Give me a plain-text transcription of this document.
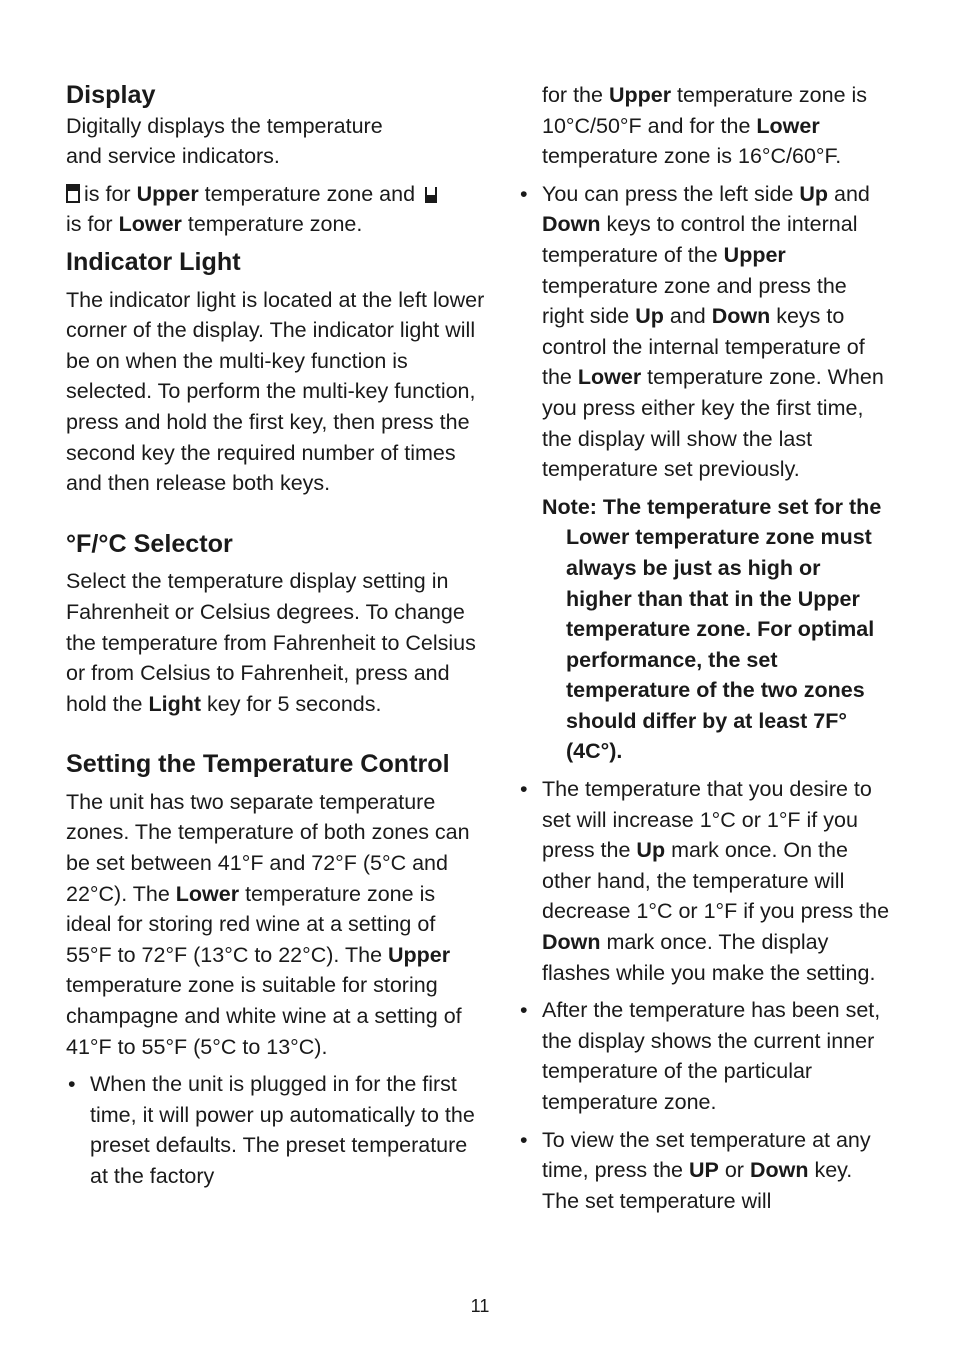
Display

Digitally displays the temperature
and service indicators.

is for Upper temperature zone and
is for Lower temperature zone.

Indicator Light

The indicator light is located at the left lower corner of the display. The indicator light will be on when the multi-key function is selected. To perform the multi-key function, press and hold the first key, then press the second key the required number of times and then release both keys.

°F/°C Selector

Select the temperature display setting in Fahrenheit or Celsius degrees. To change the temperature from Fahrenheit to Celsius or from Celsius to Fahrenheit, press and hold the Light key for 5 seconds.

Setting the Temperature Control

The unit has two separate temperature zones. The temperature of both zones can be set between 41°F and 72°F (5°C and 22°C). The Lower temperature zone is ideal for storing red wine at a setting of 55°F to 72°F (13°C to 22°C). The Upper temperature zone is suitable for storing champagne and white wine at a setting of 41°F to 55°F (5°C to 13°C).

• When the unit is plugged in for the first time, it will power up automatically to the preset defaults. The preset temperature at the factory

for the Upper temperature zone is 10°C/50°F and for the Lower temperature zone is 16°C/60°F.

• You can press the left side Up and Down keys to control the internal temperature of the Upper temperature zone and press the right side Up and Down keys to control the internal temperature of the Lower temperature zone. When you press either key the first time, the display will show the last temperature set previously.

Note: The temperature set for the Lower temperature zone must always be just as high or higher than that in the Upper temperature zone. For optimal performance, the set temperature of the two zones should differ by at least 7F° (4C°).

• The temperature that you desire to set will increase 1°C or 1°F if you press the Up mark once. On the other hand, the temperature will decrease 1°C or 1°F if you press the Down mark once. The display flashes while you make the setting.
• After the temperature has been set, the display shows the current inner temperature of the particular temperature zone.
• To view the set temperature at any time, press the UP or Down key. The set temperature will
11
